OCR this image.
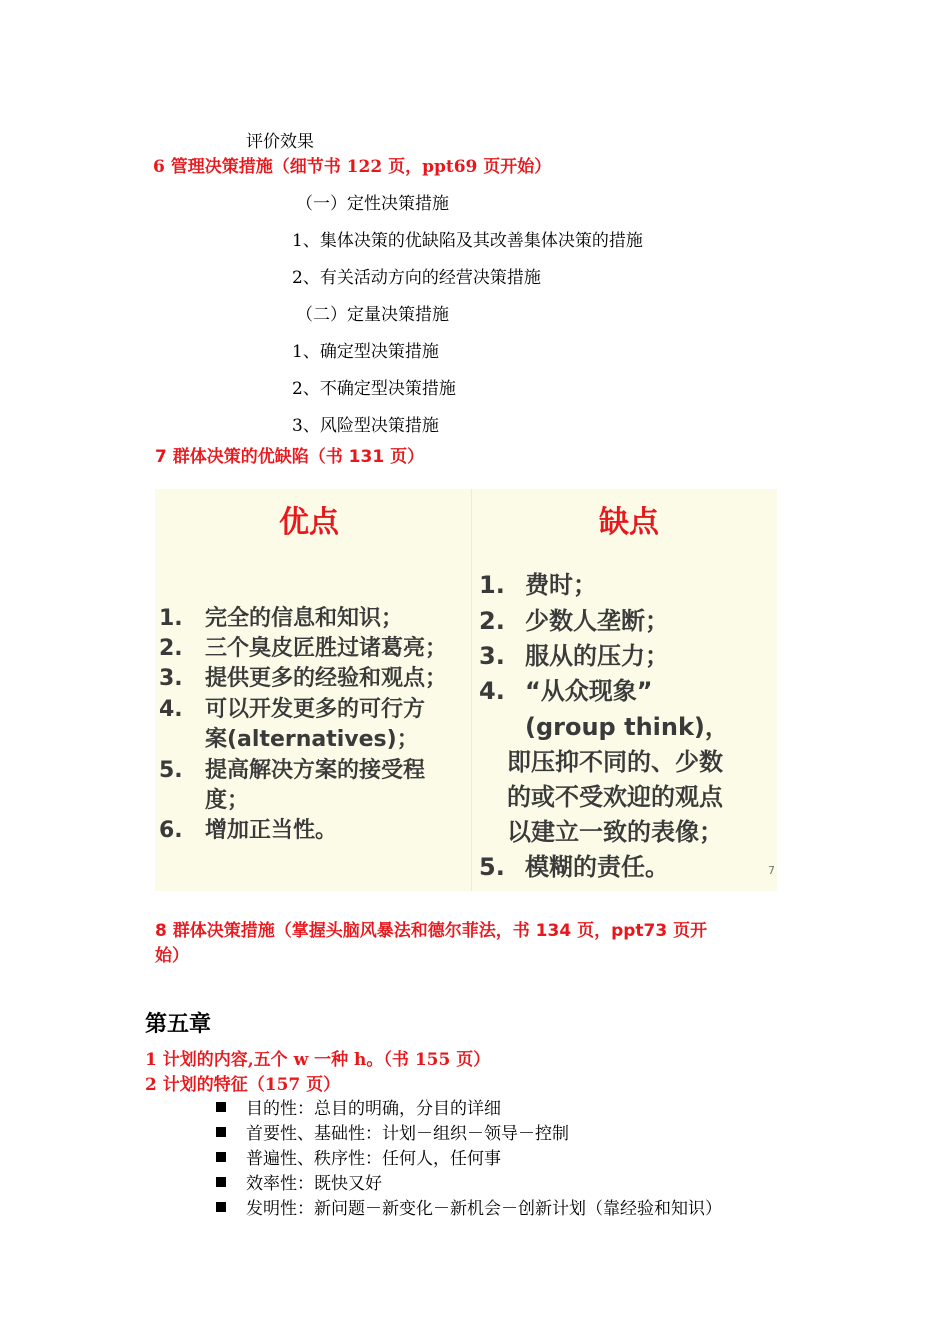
评价效果
6 管理决策措施（细节书 122 页，ppt69 页开始）
（一）定性决策措施
1、集体决策的优缺陷及其改善集体决策的措施
2、有关活动方向的经营决策措施
（二）定量决策措施
1、确定型决策措施
2、不确定型决策措施
3、风险型决策措施
7 群体决策的优缺陷（书 131 页）
优点	缺点
1. 完全的信息和知识；
2. 三个臭皮匠胜过诸葛亮；
3. 提供更多的经验和观点；
4. 可以开发更多的可行方
案(alternatives)；
5. 提高解决方案的接受程
度；
6. 增加正当性。
1. 费时；
2. 少数人垄断；
3. 服从的压力；
4. “从众现象”
(group think)，
即压抑不同的、少数
的或不受欢迎的观点
以建立一致的表像；
5. 模糊的责任。	7
8 群体决策措施（掌握头脑风暴法和德尔菲法，书 134 页，ppt73 页开
始）
第五章
1 计划的内容,五个 w 一种 h。（书 155 页）
2 计划的特征（157 页）
目的性：总目的明确，分目的详细
首要性、基础性：计划－组织－领导－控制
普遍性、秩序性：任何人，任何事
效率性：既快又好
发明性：新问题－新变化－新机会－创新计划（靠经验和知识）
